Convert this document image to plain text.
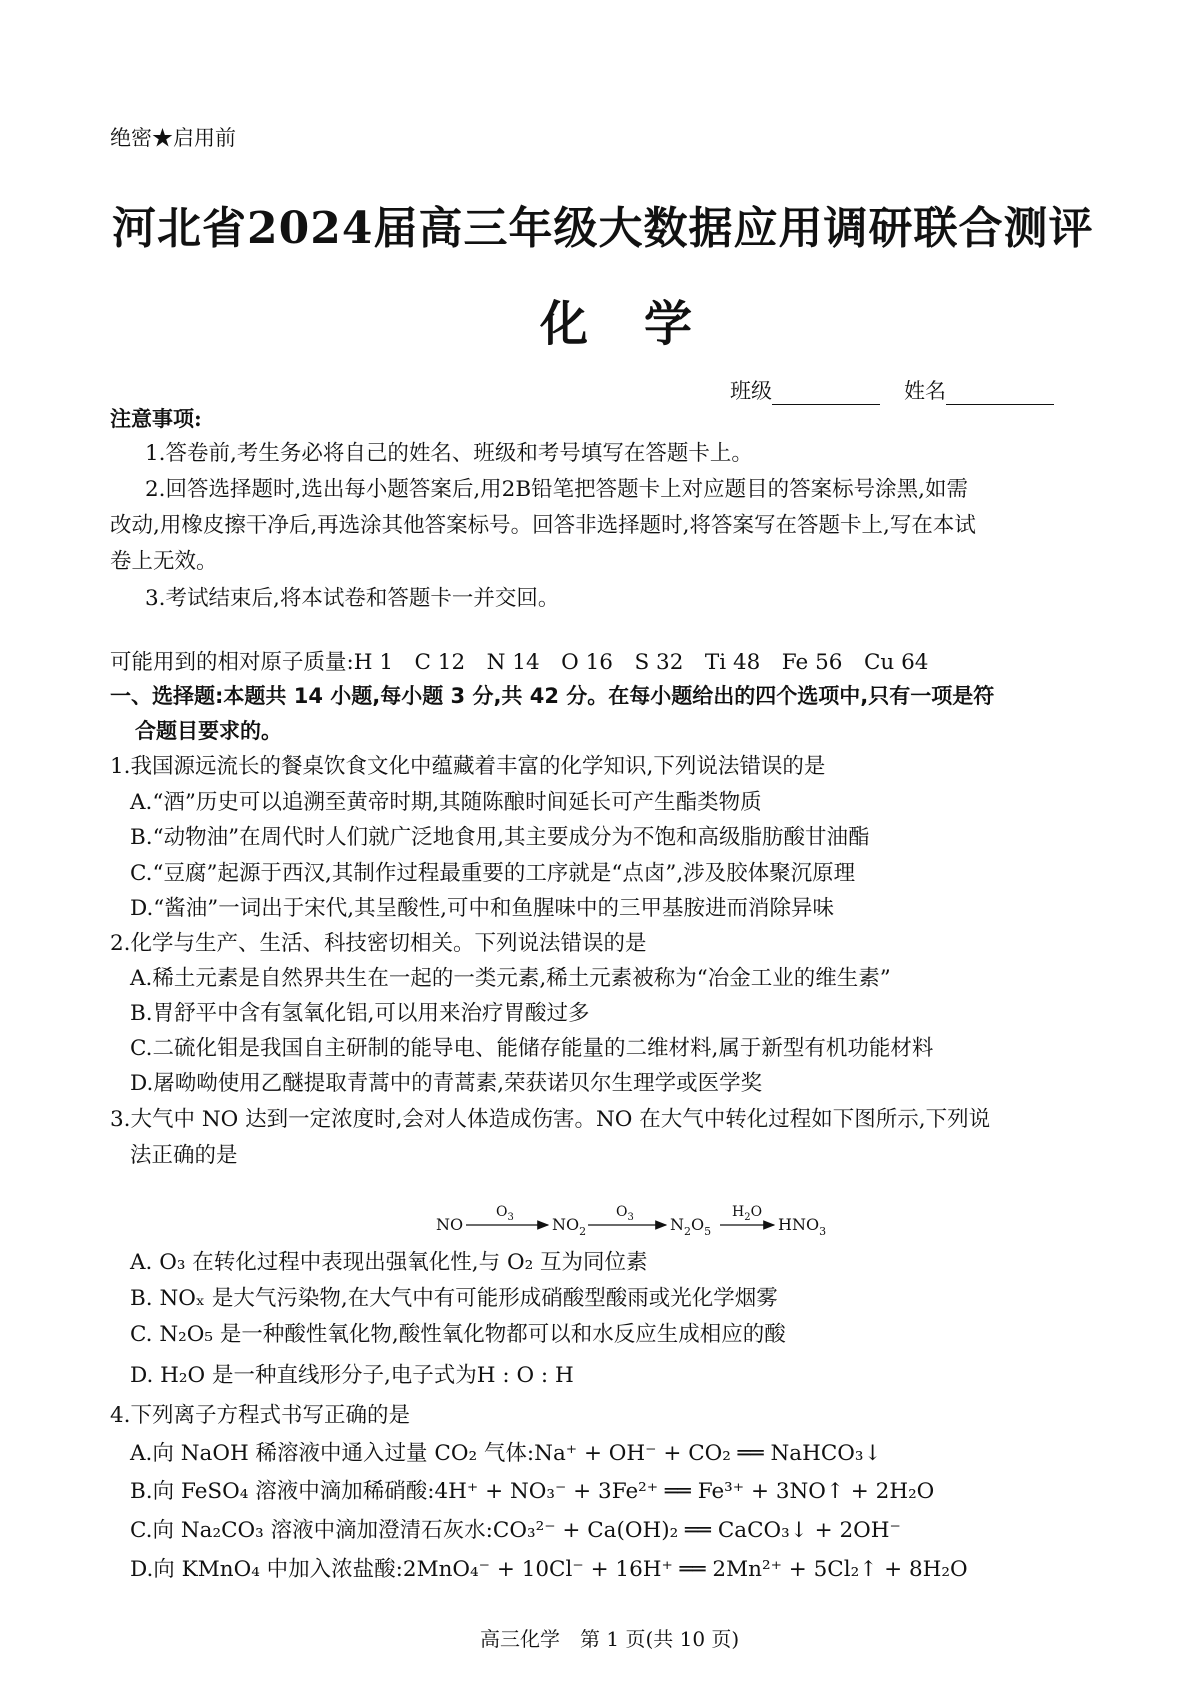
绝密★启用前
河北省2024届高三年级大数据应用调研联合测评
化学
班级	姓名
注意事项:
1.答卷前,考生务必将自己的姓名、班级和考号填写在答题卡上。
2.回答选择题时,选出每小题答案后,用2B铅笔把答题卡上对应题目的答案标号涂黑,如需
改动,用橡皮擦干净后,再选涂其他答案标号。回答非选择题时,将答案写在答题卡上,写在本试
卷上无效。
3.考试结束后,将本试卷和答题卡一并交回。
可能用到的相对原子质量:H 1　C 12　N 14　O 16　S 32　Ti 48　Fe 56　Cu 64
一、选择题:本题共 14 小题,每小题 3 分,共 42 分。在每小题给出的四个选项中,只有一项是符
合题目要求的。
1.我国源远流长的餐桌饮食文化中蕴藏着丰富的化学知识,下列说法错误的是
A.“酒”历史可以追溯至黄帝时期,其随陈酿时间延长可产生酯类物质
B.“动物油”在周代时人们就广泛地食用,其主要成分为不饱和高级脂肪酸甘油酯
C.“豆腐”起源于西汉,其制作过程最重要的工序就是“点卤”,涉及胶体聚沉原理
D.“酱油”一词出于宋代,其呈酸性,可中和鱼腥味中的三甲基胺进而消除异味
2.化学与生产、生活、科技密切相关。下列说法错误的是
A.稀土元素是自然界共生在一起的一类元素,稀土元素被称为“冶金工业的维生素”
B.胃舒平中含有氢氧化铝,可以用来治疗胃酸过多
C.二硫化钼是我国自主研制的能导电、能储存能量的二维材料,属于新型有机功能材料
D.屠呦呦使用乙醚提取青蒿中的青蒿素,荣获诺贝尔生理学或医学奖
3.大气中 NO 达到一定浓度时,会对人体造成伤害。NO 在大气中转化过程如下图所示,下列说
法正确的是
NO
$O_3$ $NO_2$
$O_3$ $N_2O_5$
$H_2O$
$HNO_3$
A. O₃ 在转化过程中表现出强氧化性,与 O₂ 互为同位素
B. NOₓ 是大气污染物,在大气中有可能形成硝酸型酸雨或光化学烟雾
C. N₂O₅ 是一种酸性氧化物,酸性氧化物都可以和水反应生成相应的酸
D. H₂O 是一种直线形分子,电子式为H : O : H
4.下列离子方程式书写正确的是
A.向 NaOH 稀溶液中通入过量 CO₂ 气体:Na⁺ + OH⁻ + CO₂ ══ NaHCO₃↓
B.向 FeSO₄ 溶液中滴加稀硝酸:4H⁺ + NO₃⁻ + 3Fe²⁺ ══ Fe³⁺ + 3NO↑ + 2H₂O
C.向 Na₂CO₃ 溶液中滴加澄清石灰水:CO₃²⁻ + Ca(OH)₂ ══ CaCO₃↓ + 2OH⁻
D.向 KMnO₄ 中加入浓盐酸:2MnO₄⁻ + 10Cl⁻ + 16H⁺ ══ 2Mn²⁺ + 5Cl₂↑ + 8H₂O
高三化学　第 1 页(共 10 页)
